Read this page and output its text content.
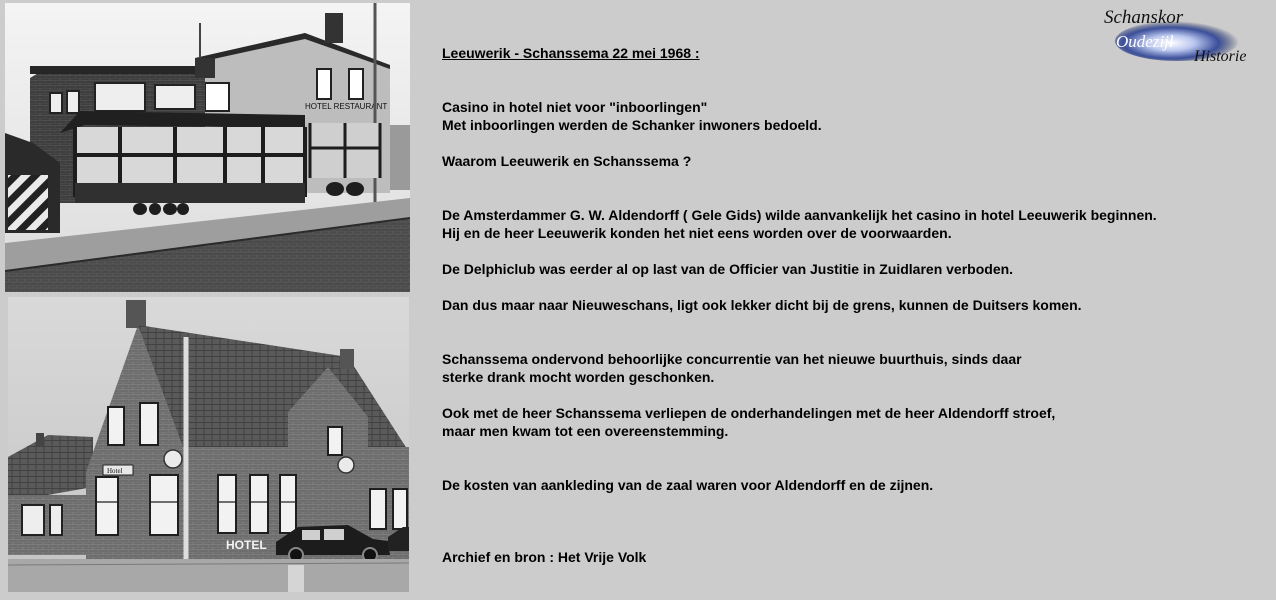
HOTEL RESTAURANT
Hotel
HOTEL
Schanskor
Oudezijl
Historie
Leeuwerik - Schanssema 22 mei 1968 :
Casino in hotel niet voor "inboorlingen"
Met inboorlingen werden de Schanker inwoners bedoeld.
Waarom Leeuwerik en Schanssema ?
De Amsterdammer G. W. Aldendorff ( Gele Gids) wilde aanvankelijk het casino in hotel Leeuwerik beginnen.
Hij en de heer Leeuwerik konden het niet eens worden over de voorwaarden.
De Delphiclub was eerder al op last van de Officier van Justitie in Zuidlaren verboden.
Dan dus maar naar Nieuweschans, ligt ook lekker dicht bij de grens, kunnen de Duitsers komen.
Schanssema ondervond behoorlijke concurrentie van het nieuwe buurthuis, sinds daar
sterke drank mocht worden geschonken.
Ook met de heer Schanssema verliepen de onderhandelingen met de heer Aldendorff stroef,
maar men kwam tot een overeenstemming.
De kosten van aankleding van de zaal waren voor Aldendorff en de zijnen.
Archief en bron : Het Vrije Volk
